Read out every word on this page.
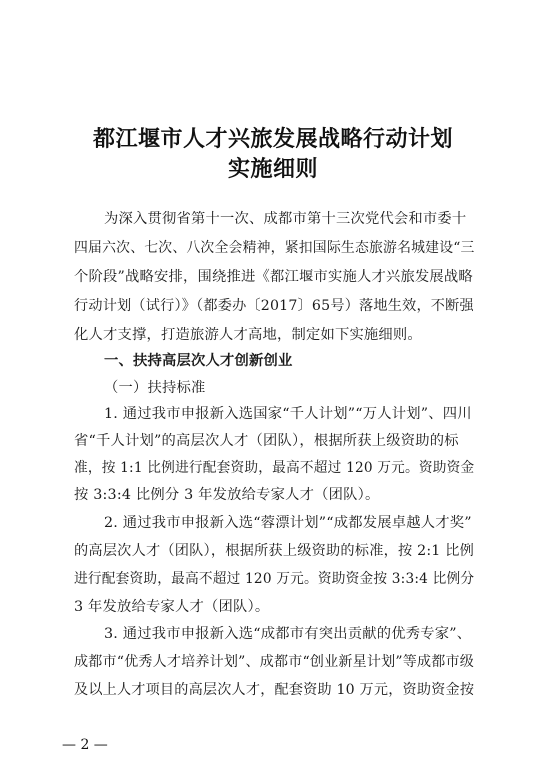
都江堰市人才兴旅发展战略行动计划
实施细则
为深入贯彻省第十一次、成都市第十三次党代会和市委十
四届六次、七次、八次全会精神，紧扣国际生态旅游名城建设“三
个阶段”战略安排，围绕推进《都江堰市实施人才兴旅发展战略
行动计划（试行）》（都委办〔2017〕65号）落地生效，不断强
化人才支撑，打造旅游人才高地，制定如下实施细则。
一、扶持高层次人才创新创业
（一）扶持标准
1. 通过我市申报新入选国家“千人计划”“万人计划”、四川
省“千人计划”的高层次人才（团队），根据所获上级资助的标
准，按 1:1 比例进行配套资助，最高不超过 120 万元。资助资金
按 3:3:4 比例分 3 年发放给专家人才（团队）。
2. 通过我市申报新入选“蓉漂计划”“成都发展卓越人才奖”
的高层次人才（团队），根据所获上级资助的标准，按 2:1 比例
进行配套资助，最高不超过 120 万元。资助资金按 3:3:4 比例分
3 年发放给专家人才（团队）。
3. 通过我市申报新入选“成都市有突出贡献的优秀专家”、
成都市“优秀人才培养计划”、成都市“创业新星计划”等成都市级
及以上人才项目的高层次人才，配套资助 10 万元，资助资金按
— 2 —
